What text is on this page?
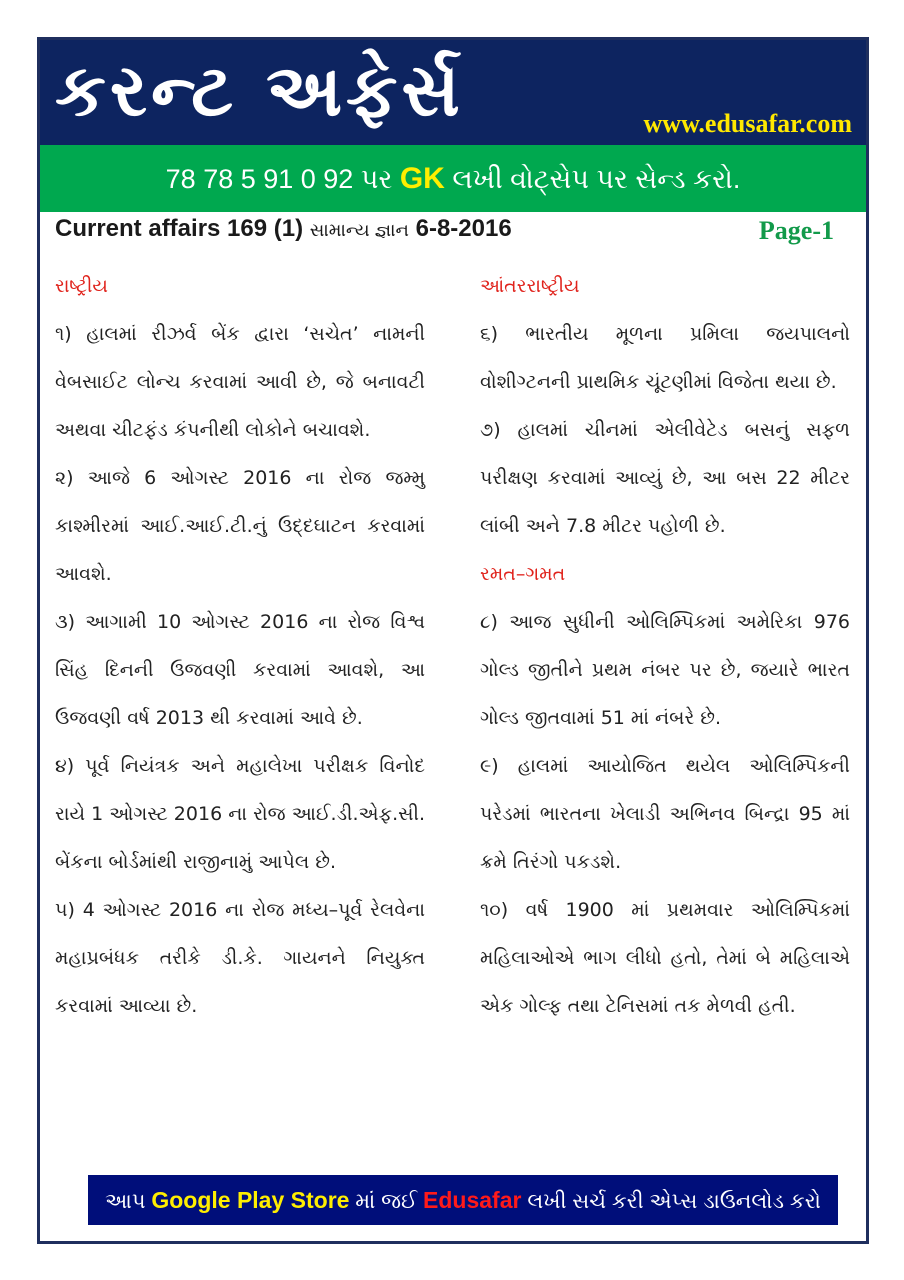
કરન્ટ અફેર્સ	www.edusafar.com
78 78 5 91 0 92 પર GK લખી વોટ્સેપ પર સેન્ડ કરો.
Current affairs 169 (1) સામાન્ય જ્ઞાન 6-8-2016	Page-1
રાષ્ટ્રીય

૧) હાલમાં રીઝર્વ બેંક દ્વારા ‘સચેત’ નામની વેબસાઈટ લોન્ચ કરવામાં આવી છે, જે બનાવટી અથવા ચીટફંડ કંપનીથી લોકોને બચાવશે.

૨) આજે 6 ઓગસ્ટ 2016 ના રોજ જમ્મુ કાશ્મીરમાં આઈ.આઈ.ટી.નું ઉદ્દઘાટન કરવામાં આવશે.

૩) આગામી 10 ઓગસ્ટ 2016 ના રોજ વિશ્વ સિંહ દિનની ઉજવણી કરવામાં આવશે, આ ઉજવણી વર્ષ 2013 થી કરવામાં આવે છે.

૪) પૂર્વ નિયંત્રક અને મહાલેખા પરીક્ષક વિનોદ રાયે 1 ઓગસ્ટ 2016 ના રોજ આઈ.ડી.એફ.સી. બેંકના બોર્ડમાંથી રાજીનામું આપેલ છે.

૫) 4 ઓગસ્ટ 2016 ના રોજ મધ્ય–પૂર્વ રેલવેના મહાપ્રબંધક તરીકે ડી.કે. ગાયનને નિયુક્ત કરવામાં આવ્યા છે.

આંતરરાષ્ટ્રીય

૬) ભારતીય મૂળના પ્રમિલા જયપાલનો વોશીગ્ટનની પ્રાથમિક ચૂંટણીમાં વિજેતા થયા છે.

૭) હાલમાં ચીનમાં એલીવેટેડ બસનું સફળ પરીક્ષણ કરવામાં આવ્યું છે, આ બસ 22 મીટર લાંબી અને 7.8 મીટર પહોળી છે.

રમત–ગમત

૮) આજ સુધીની ઓલિમ્પિકમાં અમેરિકા 976 ગોલ્ડ જીતીને પ્રથમ નંબર પર છે, જયારે ભારત ગોલ્ડ જીતવામાં 51 માં નંબરે છે.

૯) હાલમાં આયોજિત થયેલ ઓલિમ્પિકની પરેડમાં ભારતના ખેલાડી અભિનવ બિન્દ્રા 95 માં ક્રમે તિરંગો પકડશે.

૧૦) વર્ષ 1900 માં પ્રથમવાર ઓલિમ્પિકમાં મહિલાઓએ ભાગ લીધો હતો, તેમાં બે મહિલાએ એક ગોલ્ફ તથા ટેનિસમાં તક મેળવી હતી.

આપ Google Play Store માં જઈ Edusafar લખી સર્ચ કરી એપ્સ ડાઉનલોડ કરો
